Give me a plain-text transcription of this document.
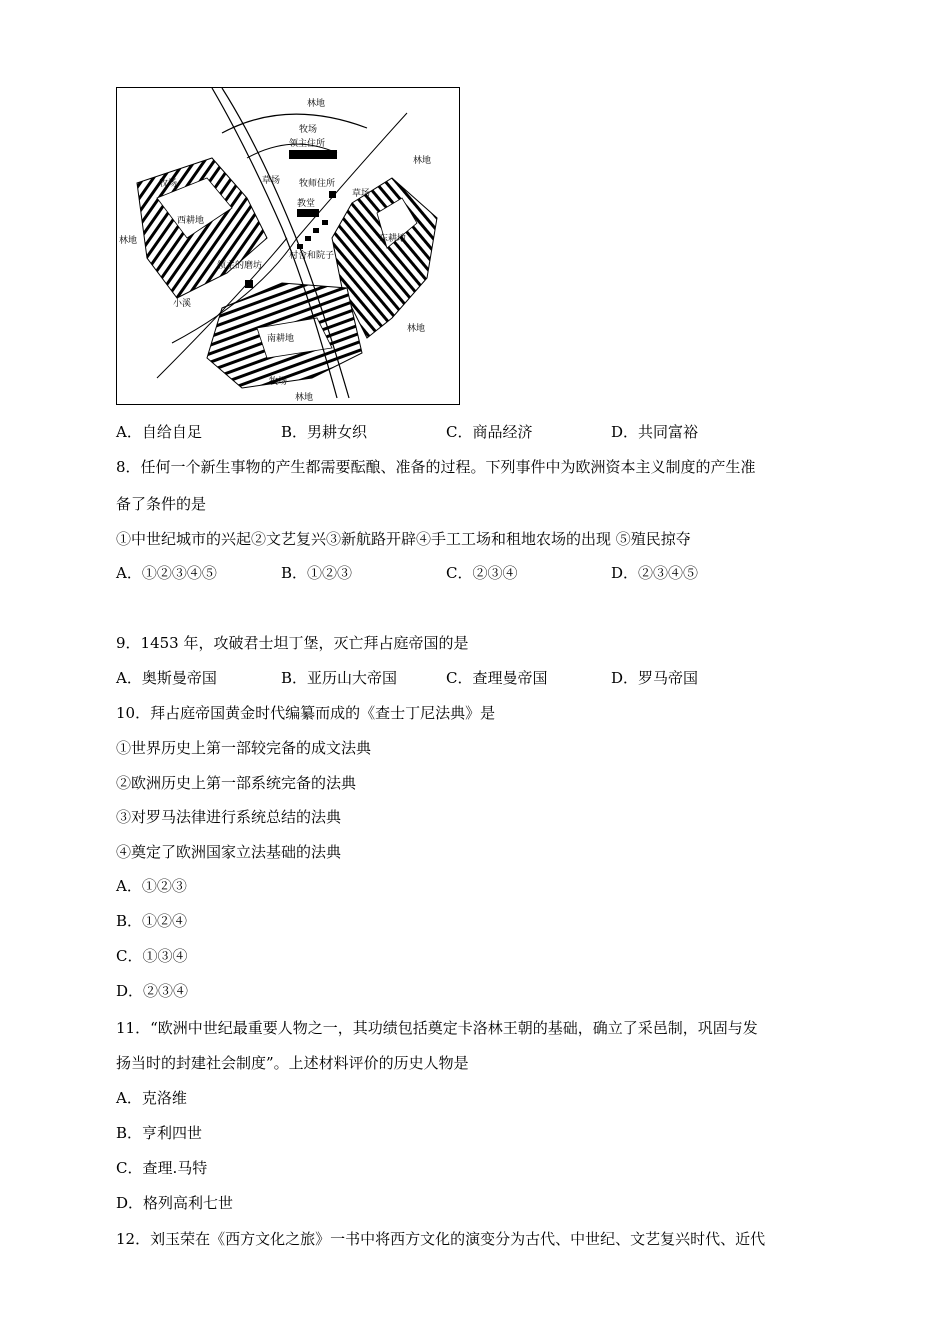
林地
牧场
领主住所
草场
草场
牧师住所
教堂
林地
牧场
西耕地
林地	东耕地
村舍和院子
领主的磨坊
小溪
林地
南耕地
牧场
林地
A．自给自足	B．男耕女织	C．商品经济	D．共同富裕
8．任何一个新生事物的产生都需要酝酿、准备的过程。下列事件中为欧洲资本主义制度的产生准
备了条件的是
①中世纪城市的兴起②文艺复兴③新航路开辟④手工工场和租地农场的出现 ⑤殖民掠夺
A．①②③④⑤	B．①②③	C．②③④	D．②③④⑤
9．1453 年，攻破君士坦丁堡，灭亡拜占庭帝国的是
A．奥斯曼帝国	B．亚历山大帝国	C．查理曼帝国	D．罗马帝国
10．拜占庭帝国黄金时代编纂而成的《查士丁尼法典》是
①世界历史上第一部较完备的成文法典
②欧洲历史上第一部系统完备的法典
③对罗马法律进行系统总结的法典
④奠定了欧洲国家立法基础的法典
A．①②③
B．①②④
C．①③④
D．②③④
11．“欧洲中世纪最重要人物之一，其功绩包括奠定卡洛林王朝的基础，确立了采邑制，巩固与发
扬当时的封建社会制度”。上述材料评价的历史人物是
A．克洛维
B．亨利四世
C．查理.马特
D．格列高利七世
12．刘玉荣在《西方文化之旅》一书中将西方文化的演变分为古代、中世纪、文艺复兴时代、近代
